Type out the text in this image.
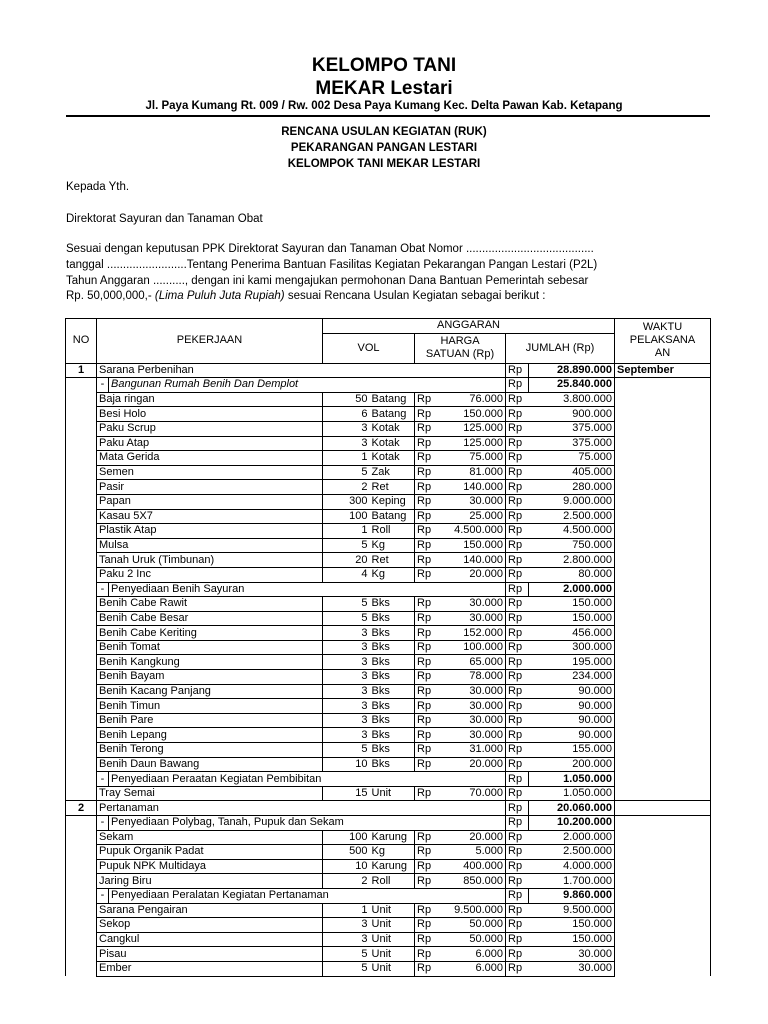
KELOMPO TANI
MEKAR Lestari
Jl. Paya Kumang Rt. 009 / Rw. 002 Desa Paya Kumang Kec. Delta Pawan Kab. Ketapang
RENCANA USULAN KEGIATAN (RUK)
PEKARANGAN PANGAN LESTARI
KELOMPOK TANI MEKAR LESTARI
Kepada Yth.
Direktorat Sayuran dan Tanaman Obat
Sesuai dengan keputusan PPK Direktorat Sayuran dan Tanaman Obat Nomor ........................................
tanggal .........................Tentang Penerima Bantuan Fasilitas Kegiatan Pekarangan Pangan Lestari (P2L)
Tahun Anggaran .........., dengan ini kami mengajukan permohonan Dana Bantuan Pemerintah sebesar
Rp. 50,000,000,- (Lima Puluh Juta Rupiah) sesuai Rencana Usulan Kegiatan sebagai berikut :
NO	PEKERJAAN		ANGGARAN						WAKTU
PELAKSANA
AN
			VOL		HARGA
SATUAN (Rp)		JUMLAH (Rp)		
1	Sarana Perbenihan						Rp	28.890.000	September
	-	Bangunan Rumah Benih Dan Demplot					Rp	25.840.000	
	Baja ringan		50	Batang	Rp	76.000	Rp	3.800.000	
	Besi Holo		6	Batang	Rp	150.000	Rp	900.000	
	Paku Scrup		3	Kotak	Rp	125.000	Rp	375.000	
	Paku Atap		3	Kotak	Rp	125.000	Rp	375.000	
	Mata Gerida		1	Kotak	Rp	75.000	Rp	75.000	
	Semen		5	Zak	Rp	81.000	Rp	405.000	
	Pasir		2	Ret	Rp	140.000	Rp	280.000	
	Papan		300	Keping	Rp	30.000	Rp	9.000.000	
	Kasau 5X7		100	Batang	Rp	25.000	Rp	2.500.000	
	Plastik Atap		1	Roll	Rp	4.500.000	Rp	4.500.000	
	Mulsa		5	Kg	Rp	150.000	Rp	750.000	
	Tanah Uruk (Timbunan)		20	Ret	Rp	140.000	Rp	2.800.000	
	Paku 2 Inc		4	Kg	Rp	20.000	Rp	80.000	
	-	Penyediaan Benih Sayuran					Rp	2.000.000	
	Benih Cabe Rawit		5	Bks	Rp	30.000	Rp	150.000	
	Benih Cabe Besar		5	Bks	Rp	30.000	Rp	150.000	
	Benih Cabe Keriting		3	Bks	Rp	152.000	Rp	456.000	
	Benih Tomat		3	Bks	Rp	100.000	Rp	300.000	
	Benih Kangkung		3	Bks	Rp	65.000	Rp	195.000	
	Benih Bayam		3	Bks	Rp	78.000	Rp	234.000	
	Benih Kacang Panjang		3	Bks	Rp	30.000	Rp	90.000	
	Benih Timun		3	Bks	Rp	30.000	Rp	90.000	
	Benih Pare		3	Bks	Rp	30.000	Rp	90.000	
	Benih Lepang		3	Bks	Rp	30.000	Rp	90.000	
	Benih Terong		5	Bks	Rp	31.000	Rp	155.000	
	Benih Daun Bawang		10	Bks	Rp	20.000	Rp	200.000	
	-	Penyediaan Peraatan Kegiatan Pembibitan					Rp	1.050.000	
	Tray Semai		15	Unit	Rp	70.000	Rp	1.050.000	
2	Pertanaman						Rp	20.060.000	
	-	Penyediaan Polybag, Tanah, Pupuk dan Sekam					Rp	10.200.000	
	Sekam		100	Karung	Rp	20.000	Rp	2.000.000	
	Pupuk Organik Padat		500	Kg	Rp	5.000	Rp	2.500.000	
	Pupuk NPK Multidaya		10	Karung	Rp	400.000	Rp	4.000.000	
	Jaring Biru		2	Roll	Rp	850.000	Rp	1.700.000	
	-	Penyediaan Peralatan Kegiatan Pertanaman					Rp	9.860.000	
	Sarana Pengairan		1	Unit	Rp	9.500.000	Rp	9.500.000	
	Sekop		3	Unit	Rp	50.000	Rp	150.000	
	Cangkul		3	Unit	Rp	50.000	Rp	150.000	
	Pisau		5	Unit	Rp	6.000	Rp	30.000	
	Ember		5	Unit	Rp	6.000	Rp	30.000	
